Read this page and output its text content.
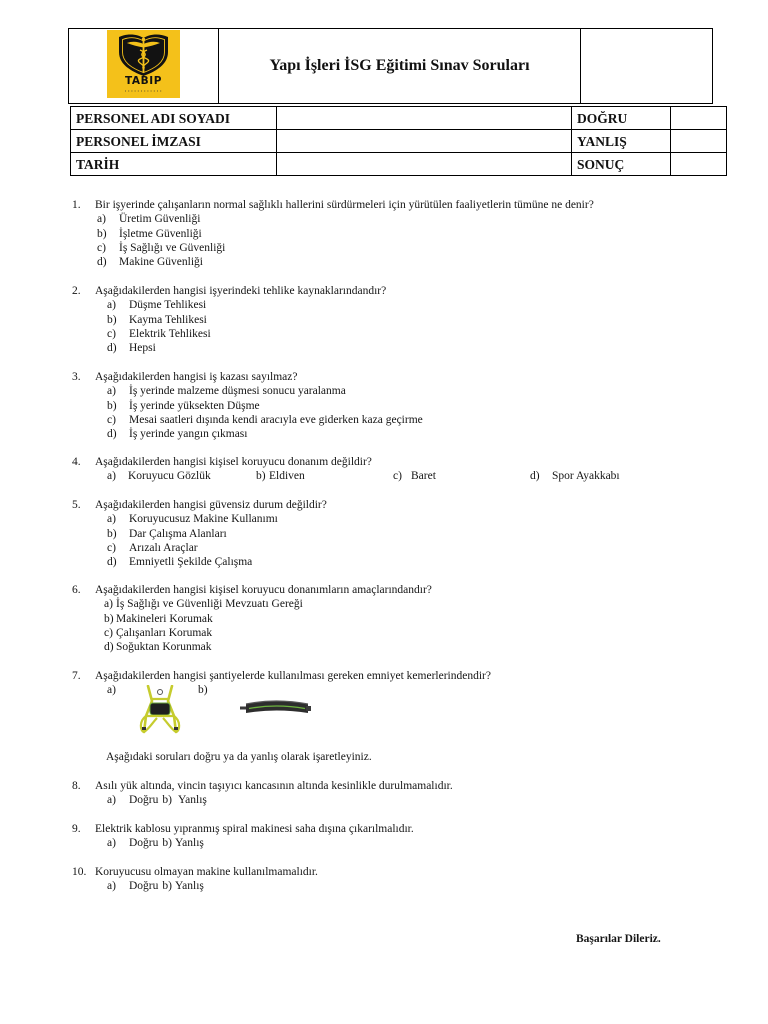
TABIP
Yapı İşleri İSG Eğitimi Sınav Soruları
PERSONEL ADI SOYADI		DOĞRU	
PERSONEL İMZASI		YANLIŞ	
TARİH		SONUÇ	
1. Bir işyerinde çalışanların normal sağlıklı hallerini sürdürmeleri için yürütülen faaliyetlerin tümüne ne denir?
a) Üretim Güvenliği
b) İşletme Güvenliği
c) İş Sağlığı ve Güvenliği
d) Makine Güvenliği
2. Aşağıdakilerden hangisi işyerindeki tehlike kaynaklarındandır?
a) Düşme Tehlikesi
b) Kayma Tehlikesi
c) Elektrik Tehlikesi
d) Hepsi
3. Aşağıdakilerden hangisi iş kazası sayılmaz?
a) İş yerinde malzeme düşmesi sonucu yaralanma
b) İş yerinde yüksekten Düşme
c) Mesai saatleri dışında kendi aracıyla eve giderken kaza geçirme
d) İş yerinde yangın çıkması
4. Aşağıdakilerden hangisi kişisel koruyucu donanım değildir?
a) Koruyucu Gözlük	b) Eldiven	c) Baret	d) Spor Ayakkabı
5. Aşağıdakilerden hangisi güvensiz durum değildir?
a) Koruyucusuz Makine Kullanımı
b) Dar Çalışma Alanları
c) Arızalı Araçlar
d) Emniyetli Şekilde Çalışma
6. Aşağıdakilerden hangisi kişisel koruyucu donanımların amaçlarındandır?
a) İş Sağlığı ve Güvenliği Mevzuatı Gereği
b) Makineleri Korumak
c) Çalışanları Korumak
d) Soğuktan Korunmak
7. Aşağıdakilerden hangisi şantiyelerde kullanılması gereken emniyet kemerlerindendir?
a)	b)
Aşağıdaki soruları doğru ya da yanlış olarak işaretleyiniz.
8. Asılı yük altında, vincin taşıyıcı kancasının altında kesinlikle durulmamalıdır.
a) Doğru b) Yanlış
9. Elektrik kablosu yıpranmış spiral makinesi saha dışına çıkarılmalıdır.
a) Doğru b) Yanlış
10. Koruyucusu olmayan makine kullanılmamalıdır.
a) Doğru b) Yanlış
Başarılar Dileriz.
